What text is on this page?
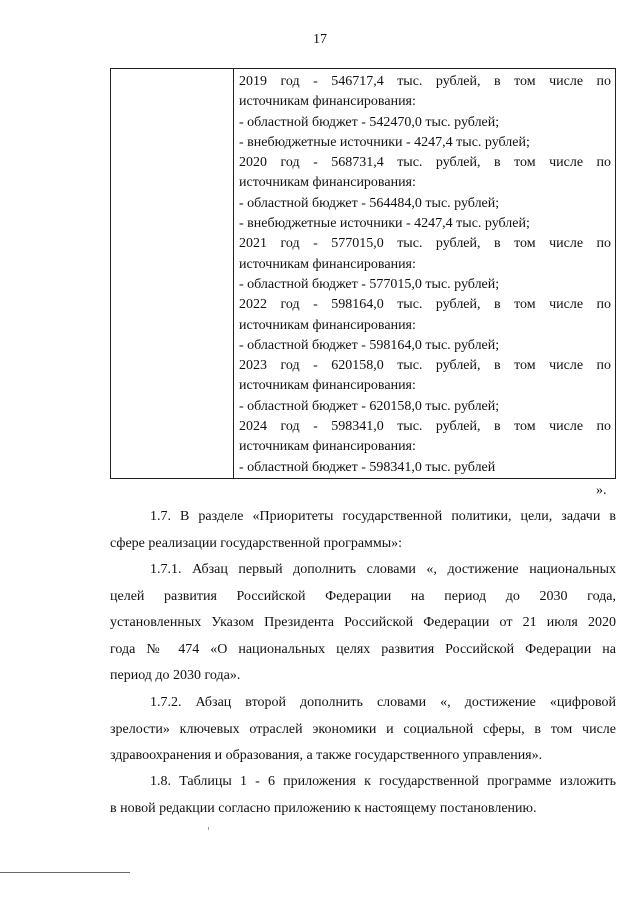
17
2019 год - 546717,4 тыс. рублей, в том числе по
источникам финансирования:
- областной бюджет - 542470,0 тыс. рублей;
- внебюджетные источники - 4247,4 тыс. рублей;
2020 год - 568731,4 тыс. рублей, в том числе по
источникам финансирования:
- областной бюджет - 564484,0 тыс. рублей;
- внебюджетные источники - 4247,4 тыс. рублей;
2021 год - 577015,0 тыс. рублей, в том числе по
источникам финансирования:
- областной бюджет - 577015,0 тыс. рублей;
2022 год - 598164,0 тыс. рублей, в том числе по
источникам финансирования:
- областной бюджет - 598164,0 тыс. рублей;
2023 год - 620158,0 тыс. рублей, в том числе по
источникам финансирования:
- областной бюджет - 620158,0 тыс. рублей;
2024 год - 598341,0 тыс. рублей, в том числе по
источникам финансирования:
- областной бюджет - 598341,0 тыс. рублей
».
1.7. В разделе «Приоритеты государственной политики, цели, задачи в
сфере реализации государственной программы»:
1.7.1. Абзац первый дополнить словами «, достижение национальных
целей развития Российской Федерации на период до 2030 года,
установленных Указом Президента Российской Федерации от 21 июля 2020
года № 474 «О национальных целях развития Российской Федерации на
период до 2030 года».
1.7.2. Абзац второй дополнить словами «, достижение «цифровой
зрелости» ключевых отраслей экономики и социальной сферы, в том числе
здравоохранения и образования, а также государственного управления».
1.8. Таблицы 1 - 6 приложения к государственной программе изложить
в новой редакции согласно приложению к настоящему постановлению.
